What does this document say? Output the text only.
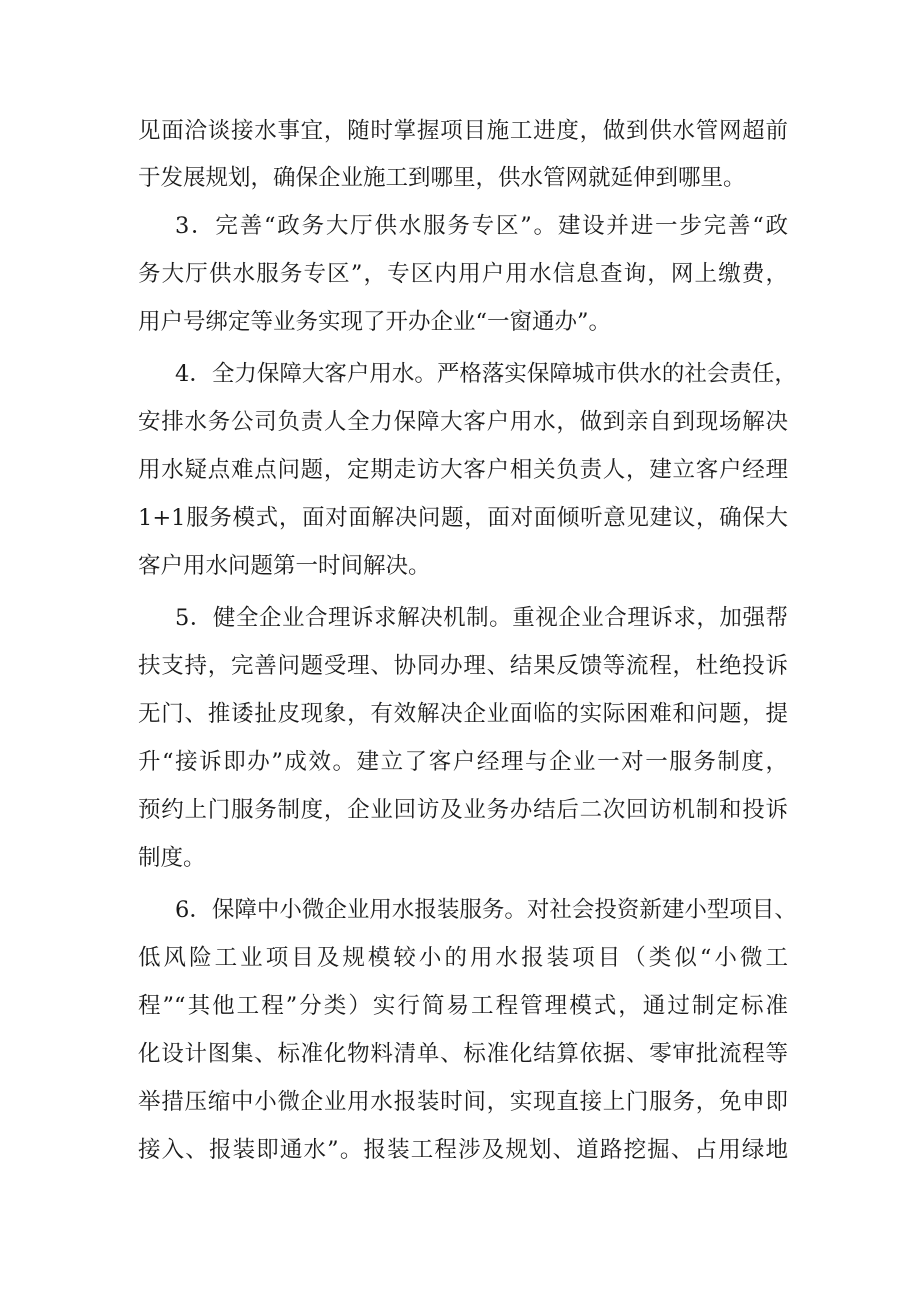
见面洽谈接水事宜，随时掌握项目施工进度，做到供水管网超前
于发展规划，确保企业施工到哪里，供水管网就延伸到哪里。
3．完善“政务大厅供水服务专区”。建设并进一步完善“政
务大厅供水服务专区”，专区内用户用水信息查询，网上缴费，
用户号绑定等业务实现了开办企业“一窗通办”。
4．全力保障大客户用水。严格落实保障城市供水的社会责任，
安排水务公司负责人全力保障大客户用水，做到亲自到现场解决
用水疑点难点问题，定期走访大客户相关负责人，建立客户经理
1+1服务模式，面对面解决问题，面对面倾听意见建议，确保大
客户用水问题第一时间解决。
5．健全企业合理诉求解决机制。重视企业合理诉求，加强帮
扶支持，完善问题受理、协同办理、结果反馈等流程，杜绝投诉
无门、推诿扯皮现象，有效解决企业面临的实际困难和问题，提
升“接诉即办”成效。建立了客户经理与企业一对一服务制度，
预约上门服务制度，企业回访及业务办结后二次回访机制和投诉
制度。
6．保障中小微企业用水报装服务。对社会投资新建小型项目、
低风险工业项目及规模较小的用水报装项目（类似“小微工
程”“其他工程”分类）实行简易工程管理模式，通过制定标准
化设计图集、标准化物料清单、标准化结算依据、零审批流程等
举措压缩中小微企业用水报装时间，实现直接上门服务，免申即
接入、报装即通水”。报装工程涉及规划、道路挖掘、占用绿地
